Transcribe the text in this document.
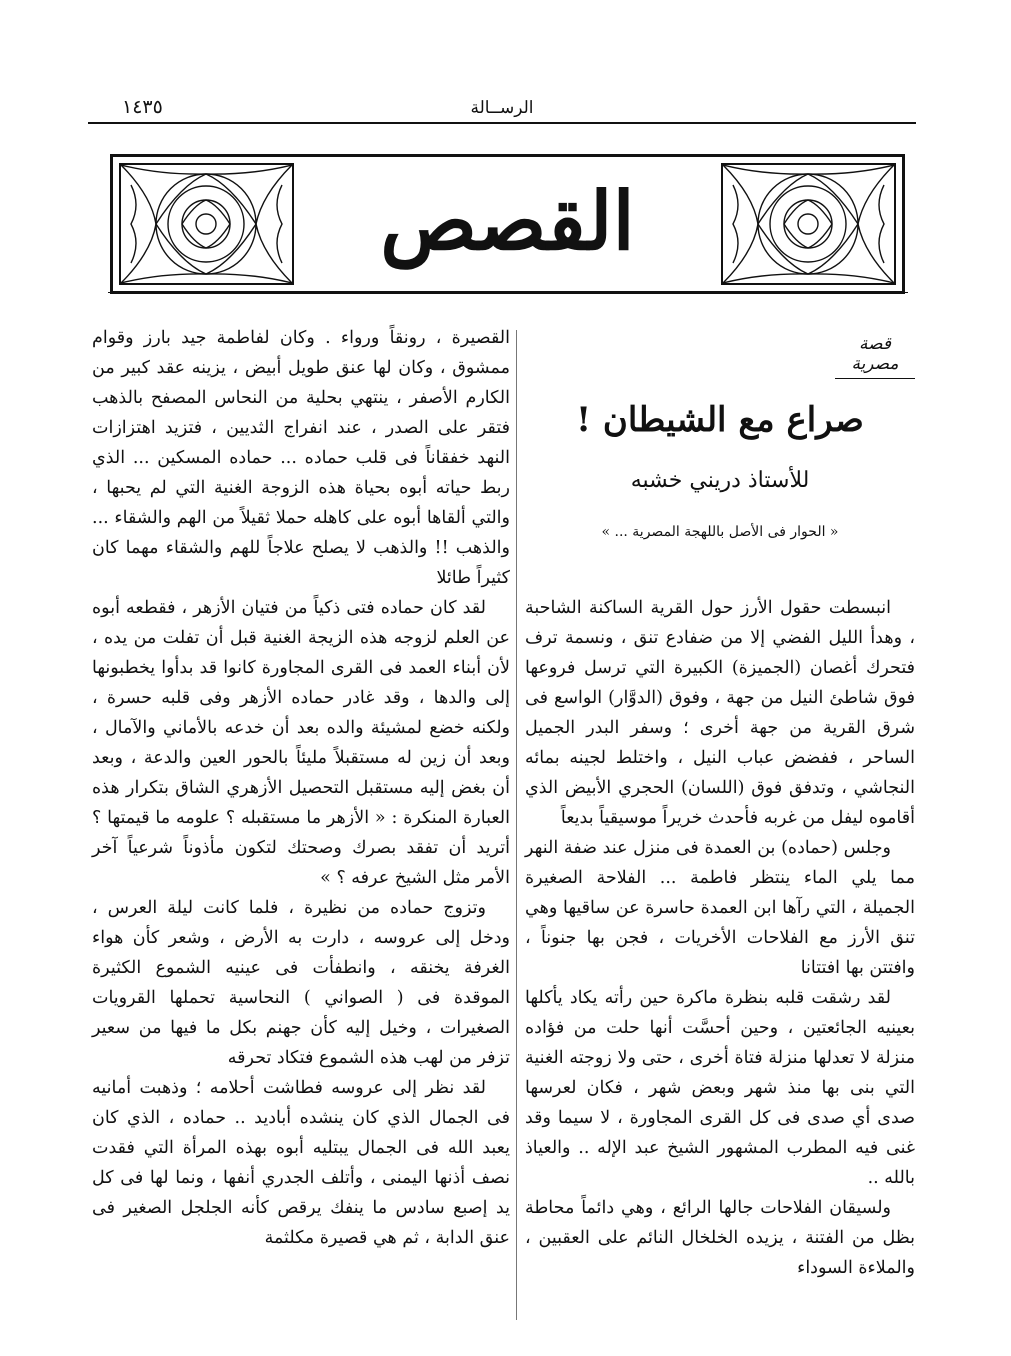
الرســالة
١٤٣٥
القصص
قصة مصرية
صراع مع الشيطان !
للأستاذ دريني خشبه
« الحوار فى الأصل باللهجة المصرية ... »

انبسطت حقول الأرز حول القرية الساكنة الشاحبة ، وهدأ الليل الفضي إلا من ضفادع تنق ، ونسمة ترف فتحرك أغصان (الجميزة) الكبيرة التي ترسل فروعها فوق شاطئ النيل من جهة ، وفوق (الدوَّار) الواسع فى شرق القرية من جهة أخرى ؛ وسفر البدر الجميل الساحر ، ففضض عباب النيل ، واختلط لجينه بمائه النجاشي ، وتدفق فوق (اللسان) الحجري الأبيض الذي أقاموه ليفل من غربه فأحدث خريراً موسيقياً بديعاً

وجلس (حماده) بن العمدة فى منزل عند ضفة النهر مما يلي الماء ينتظر فاطمة ... الفلاحة الصغيرة الجميلة ، التي رآها ابن العمدة حاسرة عن ساقيها وهي تنق الأرز مع الفلاحات الأخريات ، فجن بها جنوناً ، وافتتن بها افتتانا

لقد رشقت قلبه بنظرة ماكرة حين رأته يكاد يأكلها بعينيه الجائعتين ، وحين أحسَّت أنها حلت من فؤاده منزلة لا تعدلها منزلة فتاة أخرى ، حتى ولا زوجته الغنية التي بنى بها منذ شهر وبعض شهر ، فكان لعرسها صدى أي صدى فى كل القرى المجاورة ، لا سيما وقد غنى فيه المطرب المشهور الشيخ عبد الإله .. والعياذ بالله ..

ولسيقان الفلاحات جالها الرائع ، وهي دائماً محاطة بظل من الفتنة ، يزيده الخلخال النائم على العقبين ، والملاءة السوداء

القصيرة ، رونقاً ورواء . وكان لفاطمة جيد بارز وقوام ممشوق ، وكان لها عنق طويل أبيض ، يزينه عقد كبير من الكارم الأصفر ، ينتهي بحلية من النحاس المصفح بالذهب فتقر على الصدر ، عند انفراج الثديين ، فتزيد اهتزازات النهد خفقاناً فى قلب حماده ... حماده المسكين ... الذي ربط حياته أبوه بحياة هذه الزوجة الغنية التي لم يحبها ، والتي ألقاها أبوه على كاهله حملا ثقيلاً من الهم والشقاء ... والذهب !! والذهب لا يصلح علاجاً للهم والشقاء مهما كان كثيراً طائلا

لقد كان حماده فتى ذكياً من فتيان الأزهر ، فقطعه أبوه عن العلم لزوجه هذه الزيجة الغنية قبل أن تفلت من يده ، لأن أبناء العمد فى القرى المجاورة كانوا قد بدأوا يخطبونها إلى والدها ، وقد غادر حماده الأزهر وفى قلبه حسرة ، ولكنه خضع لمشيئة والده بعد أن خدعه بالأماني والآمال ، وبعد أن زين له مستقبلاً مليئاً بالحور العين والدعة ، وبعد أن بغض إليه مستقبل التحصيل الأزهري الشاق بتكرار هذه العبارة المنكرة : « الأزهر ما مستقبله ؟ علومه ما قيمتها ؟ أتريد أن تفقد بصرك وصحتك لتكون مأذوناً شرعياً آخر الأمر مثل الشيخ عرفه ؟ »

وتزوج حماده من نظيرة ، فلما كانت ليلة العرس ، ودخل إلى عروسه ، دارت به الأرض ، وشعر كأن هواء الغرفة يخنقه ، وانطفأت فى عينيه الشموع الكثيرة الموقدة فى ( الصواني ) النحاسية تحملها القرويات الصغيرات ، وخيل إليه كأن جهنم بكل ما فيها من سعير تزفر من لهب هذه الشموع فتكاد تحرقه

لقد نظر إلى عروسه فطاشت أحلامه ؛ وذهبت أمانيه فى الجمال الذي كان ينشده أباديد .. حماده ، الذي كان يعبد الله فى الجمال يبتليه أبوه بهذه المرأة التي فقدت نصف أذنها اليمنى ، وأتلف الجدري أنفها ، ونما لها فى كل يد إصبع سادس ما ينفك يرقص كأنه الجلجل الصغير فى عنق الدابة ، ثم هي قصيرة مكلثمة
